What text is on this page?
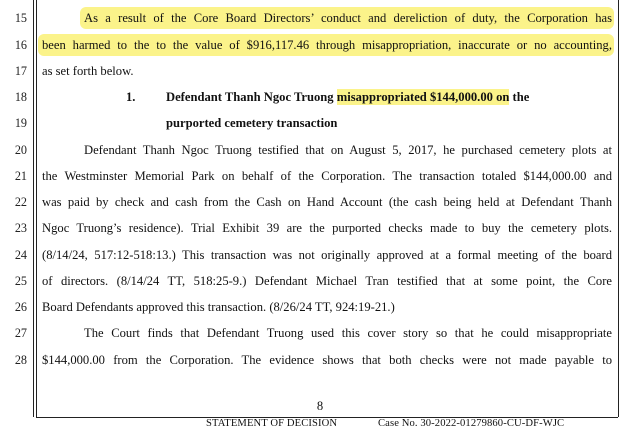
15
16
17
18
19
20
21
22
23
24
25
26
27
28
As a result of the Core Board Directors’ conduct and dereliction of duty, the Corporation has
been harmed to the to the value of $916,117.46 through misappropriation, inaccurate or no accounting,
as set forth below.
1.	Defendant Thanh Ngoc Truong misappropriated $144,000.00 on the
purported cemetery transaction
Defendant Thanh Ngoc Truong testified that on August 5, 2017, he purchased cemetery plots at
the Westminster Memorial Park on behalf of the Corporation. The transaction totaled $144,000.00 and
was paid by check and cash from the Cash on Hand Account (the cash being held at Defendant Thanh
Ngoc Truong’s residence). Trial Exhibit 39 are the purported checks made to buy the cemetery plots.
(8/14/24, 517:12-518:13.) This transaction was not originally approved at a formal meeting of the board
of directors. (8/14/24 TT, 518:25-9.) Defendant Michael Tran testified that at some point, the Core
Board Defendants approved this transaction. (8/26/24 TT, 924:19-21.)
The Court finds that Defendant Truong used this cover story so that he could misappropriate
$144,000.00 from the Corporation. The evidence shows that both checks were not made payable to
8
STATEMENT OF DECISION	Case No. 30-2022-01279860-CU-DF-WJC
